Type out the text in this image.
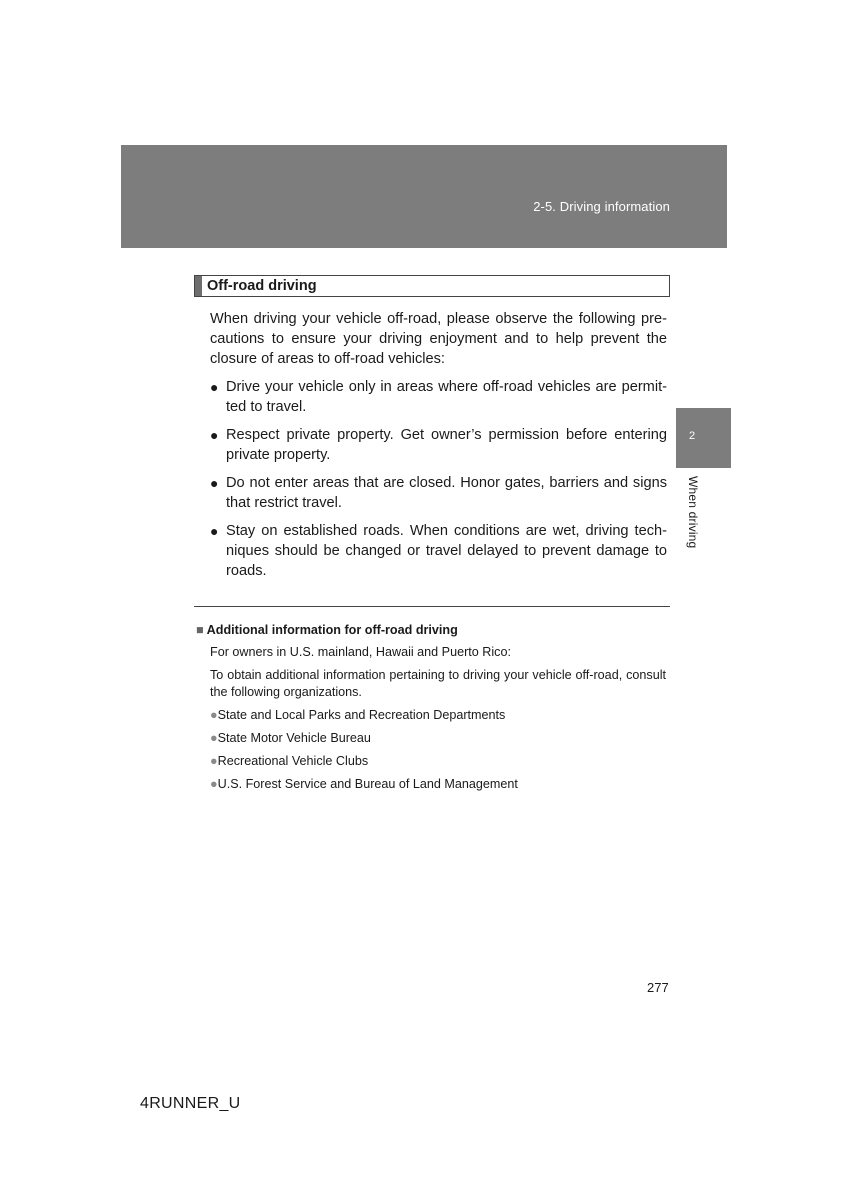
2-5. Driving information
2
When driving
Off-road driving

When driving your vehicle off-road, please observe the following pre-cautions to ensure your driving enjoyment and to help prevent the closure of areas to off-road vehicles:

● Drive your vehicle only in areas where off-road vehicles are permit-ted to travel.
● Respect private property. Get owner’s permission before entering private property.
● Do not enter areas that are closed. Honor gates, barriers and signs that restrict travel.
● Stay on established roads. When conditions are wet, driving tech-niques should be changed or travel delayed to prevent damage to roads.
■ Additional information for off-road driving

For owners in U.S. mainland, Hawaii and Puerto Rico:

To obtain additional information pertaining to driving your vehicle off-road, consult the following organizations.

●State and Local Parks and Recreation Departments
●State Motor Vehicle Bureau
●Recreational Vehicle Clubs
●U.S. Forest Service and Bureau of Land Management
277
4RUNNER_U
